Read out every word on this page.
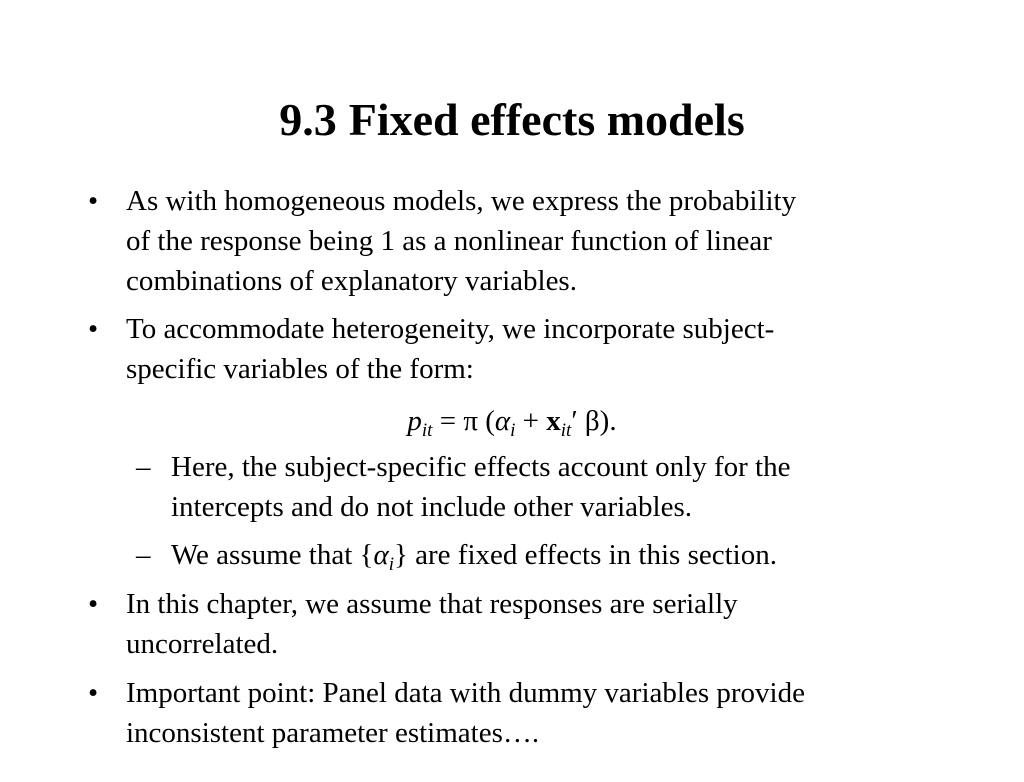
9.3 Fixed effects models
• As with homogeneous models, we express the probability
of the response being 1 as a nonlinear function of linear
combinations of explanatory variables.
• To accommodate heterogeneity, we incorporate subject-
specific variables of the form:
$p_{it} = \pi$ ($\alpha_i + x_{it}'$ β).
– Here, the subject-specific effects account only for the
intercepts and do not include other variables.
– We assume that $\{\alpha_i\}$ are fixed effects in this section.
• In this chapter, we assume that responses are serially
uncorrelated.
• Important point: Panel data with dummy variables provide
inconsistent parameter estimates….
